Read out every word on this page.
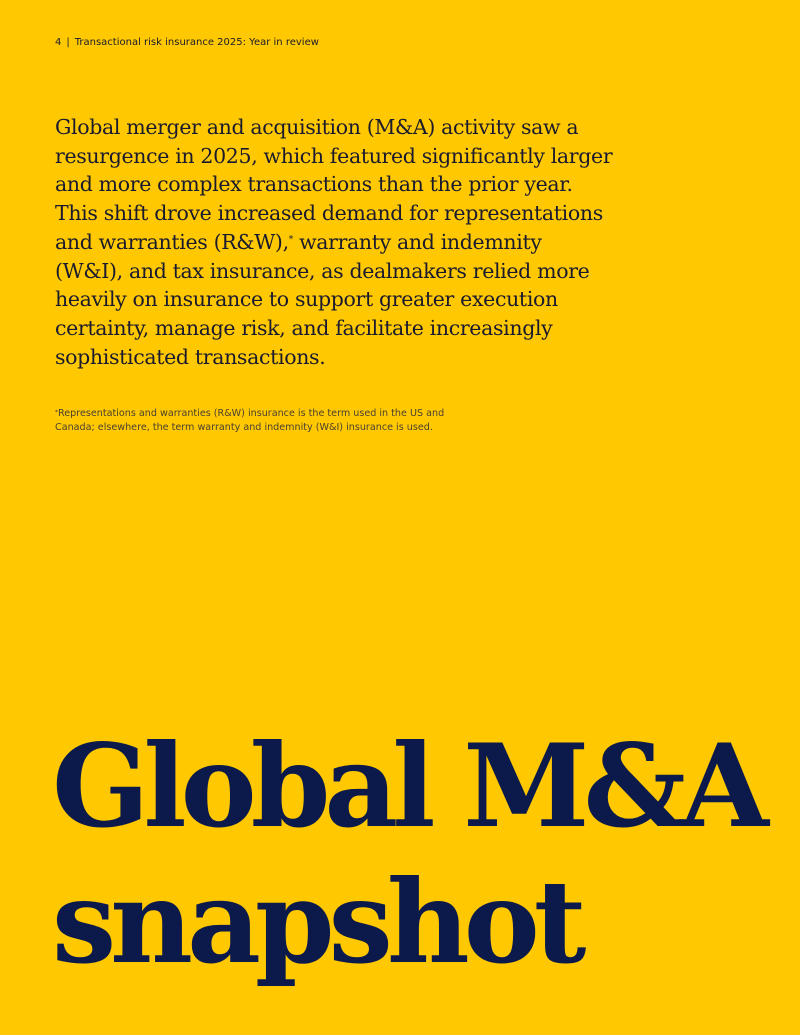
4 | Transactional risk insurance 2025: Year in review

Global merger and acquisition (M&A) activity saw a resurgence in 2025, which featured significantly larger and more complex transactions than the prior year. This shift drove increased demand for representations and warranties (R&W),* warranty and indemnity (W&I), and tax insurance, as dealmakers relied more heavily on insurance to support greater execution certainty, manage risk, and facilitate increasingly sophisticated transactions.

*Representations and warranties (R&W) insurance is the term used in the US and Canada; elsewhere, the term warranty and indemnity (W&I) insurance is used.

Global M&A
snapshot
